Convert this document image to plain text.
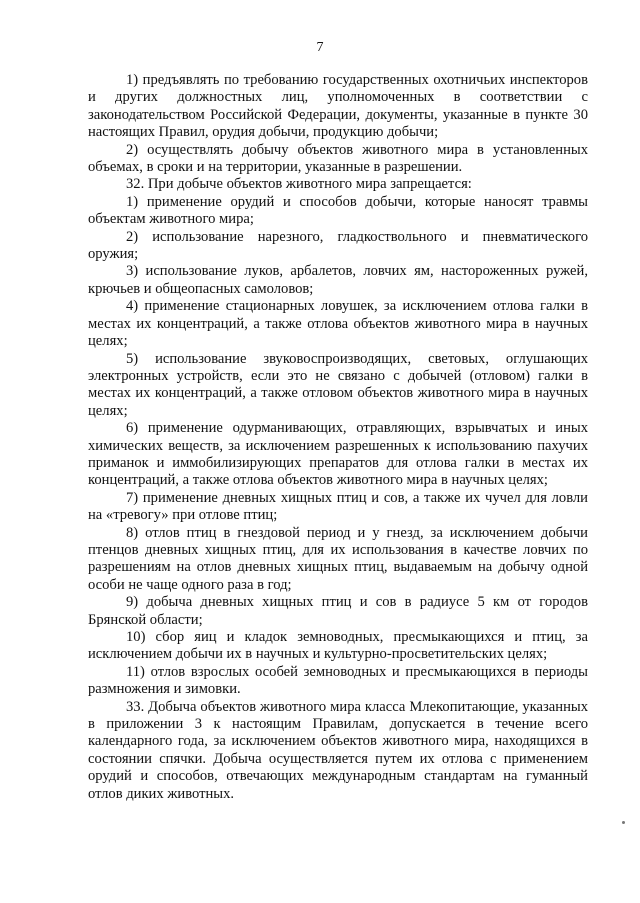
7

1) предъявлять по требованию государственных охотничьих инспекторов и других должностных лиц, уполномоченных в соответствии с законодательством Российской Федерации, документы, указанные в пункте 30 настоящих Правил, орудия добычи, продукцию добычи;

2) осуществлять добычу объектов животного мира в установленных объемах, в сроки и на территории, указанные в разрешении.

32. При добыче объектов животного мира запрещается:

1) применение орудий и способов добычи, которые наносят травмы объектам животного мира;

2) использование нарезного, гладкоствольного и пневматического оружия;

3) использование луков, арбалетов, ловчих ям, настороженных ружей, крючьев и общеопасных самоловов;

4) применение стационарных ловушек, за исключением отлова галки в местах их концентраций, а также отлова объектов животного мира в научных целях;

5) использование звуковоспроизводящих, световых, оглушающих электронных устройств, если это не связано с добычей (отловом) галки в местах их концентраций, а также отловом объектов животного мира в научных целях;

6) применение одурманивающих, отравляющих, взрывчатых и иных химических веществ, за исключением разрешенных к использованию пахучих приманок и иммобилизирующих препаратов для отлова галки в местах их концентраций, а также отлова объектов животного мира в научных целях;

7) применение дневных хищных птиц и сов, а также их чучел для ловли на «тревогу» при отлове птиц;

8) отлов птиц в гнездовой период и у гнезд, за исключением добычи птенцов дневных хищных птиц, для их использования в качестве ловчих по разрешениям на отлов дневных хищных птиц, выдаваемым на добычу одной особи не чаще одного раза в год;

9) добыча дневных хищных птиц и сов в радиусе 5 км от городов Брянской области;

10) сбор яиц и кладок земноводных, пресмыкающихся и птиц, за исключением добычи их в научных и культурно-просветительских целях;

11) отлов взрослых особей земноводных и пресмыкающихся в периоды размножения и зимовки.

33. Добыча объектов животного мира класса Млекопитающие, указанных в приложении 3 к настоящим Правилам, допускается в течение всего календарного года, за исключением объектов животного мира, находящихся в состоянии спячки. Добыча осуществляется путем их отлова с применением орудий и способов, отвечающих международным стандартам на гуманный отлов диких животных.
